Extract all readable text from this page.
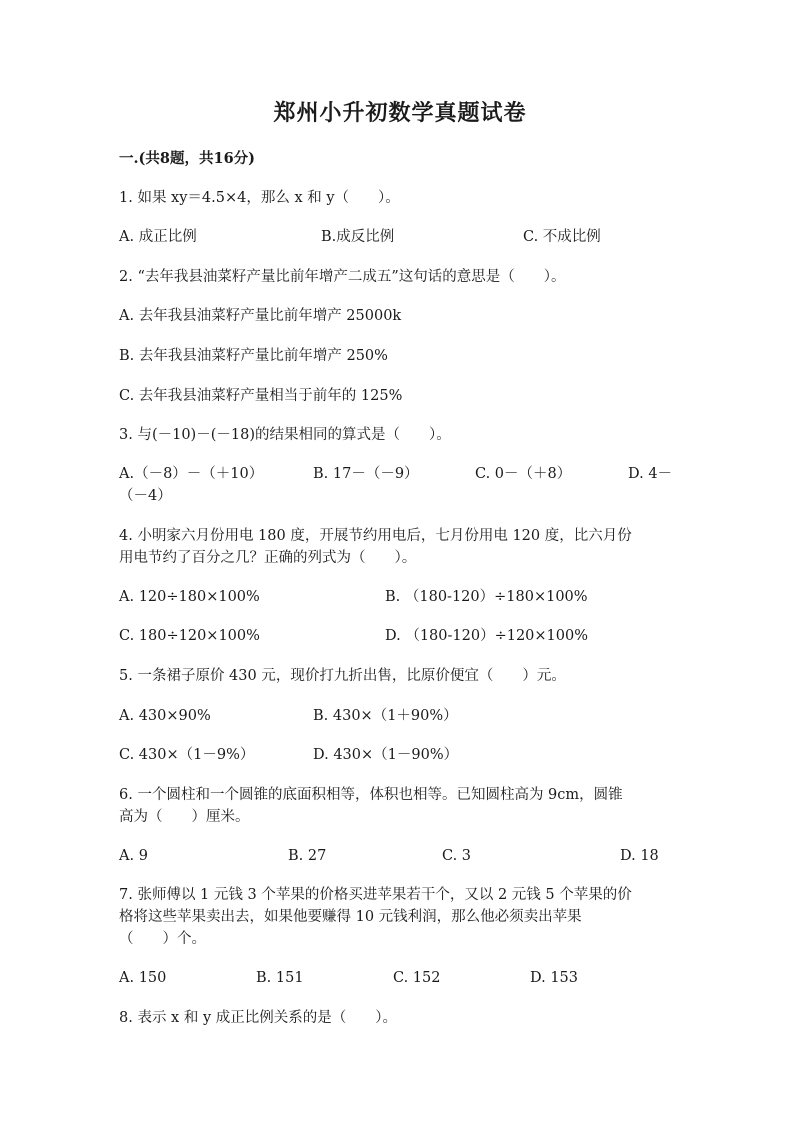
郑州小升初数学真题试卷
一.(共8题，共16分)
1. 如果 xy＝4.5×4，那么 x 和 y（　　）。
A. 成正比例	B.成反比例	C. 不成比例
2. “去年我县油菜籽产量比前年增产二成五”这句话的意思是（　　）。
A. 去年我县油菜籽产量比前年增产 25000k
B. 去年我县油菜籽产量比前年增产 250%
C. 去年我县油菜籽产量相当于前年的 125%
3. 与(－10)－(－18)的结果相同的算式是（　　）。
A.（－8）－（＋10）	B. 17－（－9）	C. 0－（＋8）	D. 4－
（－4）
4. 小明家六月份用电 180 度，开展节约用电后，七月份用电 120 度，比六月份
用电节约了百分之几？正确的列式为（　　）。
A. 120÷180×100%	B. （180-120）÷180×100%
C. 180÷120×100%	D. （180-120）÷120×100%
5. 一条裙子原价 430 元，现价打九折出售，比原价便宜（　　）元。
A. 430×90%	B. 430×（1＋90%）
C. 430×（1－9%）	D. 430×（1－90%）
6. 一个圆柱和一个圆锥的底面积相等，体积也相等。已知圆柱高为 9cm，圆锥
高为（　　）厘米。
A. 9	B. 27	C. 3	D. 18
7. 张师傅以 1 元钱 3 个苹果的价格买进苹果若干个，又以 2 元钱 5 个苹果的价
格将这些苹果卖出去，如果他要赚得 10 元钱利润，那么他必须卖出苹果
（　　）个。
A. 150	B. 151	C. 152	D. 153
8. 表示 x 和 y 成正比例关系的是（　　）。
